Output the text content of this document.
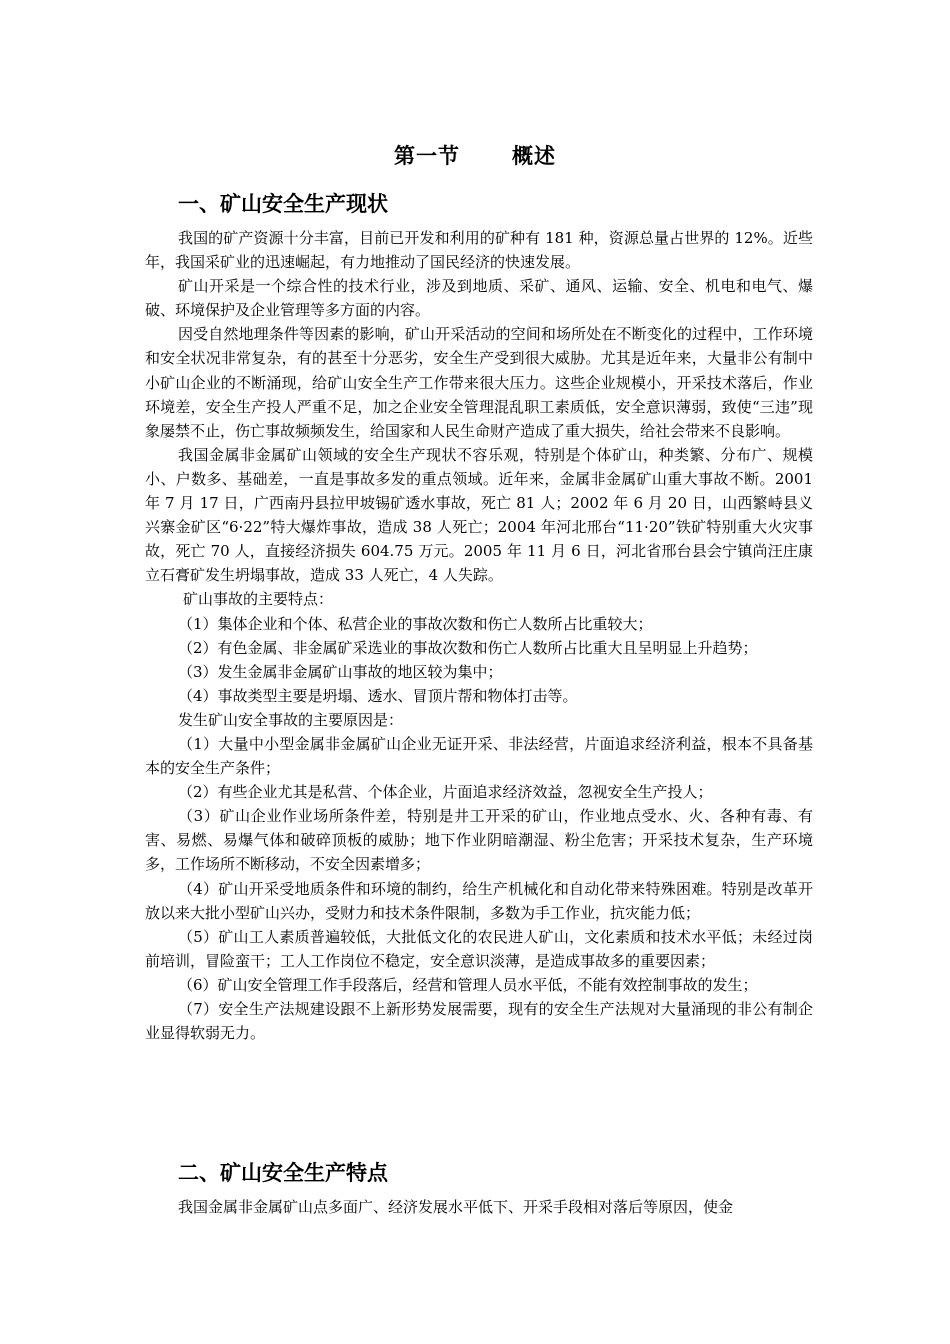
第一节 概述
一、矿山安全生产现状

我国的矿产资源十分丰富，目前已开发和利用的矿种有 181 种，资源总量占世界的 12%。近些年，我国采矿业的迅速崛起，有力地推动了国民经济的快速发展。

矿山开采是一个综合性的技术行业，涉及到地质、采矿、通风、运输、安全、机电和电气、爆破、环境保护及企业管理等多方面的内容。

因受自然地理条件等因素的影响，矿山开采活动的空间和场所处在不断变化的过程中，工作环境和安全状况非常复杂，有的甚至十分恶劣，安全生产受到很大威胁。尤其是近年来，大量非公有制中小矿山企业的不断涌现，给矿山安全生产工作带来很大压力。这些企业规模小，开采技术落后，作业环境差，安全生产投人严重不足，加之企业安全管理混乱职工素质低，安全意识薄弱，致使“三违”现象屡禁不止，伤亡事故频频发生，给国家和人民生命财产造成了重大损失，给社会带来不良影响。

我国金属非金属矿山领域的安全生产现状不容乐观，特别是个体矿山，种类繁、分布广、规模小、户数多、基础差，一直是事故多发的重点领域。近年来，金属非金属矿山重大事故不断。2001 年 7 月 17 日，广西南丹县拉甲坡锡矿透水事故，死亡 81 人；2002 年 6 月 20 日，山西繁峙县义兴寨金矿区“6·22”特大爆炸事故，造成 38 人死亡；2004 年河北邢台“11·20”铁矿特别重大火灾事故，死亡 70 人，直接经济损失 604.75 万元。2005 年 11 月 6 日，河北省邢台县会宁镇尚汪庄康立石膏矿发生坍塌事故，造成 33 人死亡，4 人失踪。

矿山事故的主要特点：

（1）集体企业和个体、私营企业的事故次数和伤亡人数所占比重较大；

（2）有色金属、非金属矿采选业的事故次数和伤亡人数所占比重大且呈明显上升趋势；

（3）发生金属非金属矿山事故的地区较为集中；

（4）事故类型主要是坍塌、透水、冒顶片帮和物体打击等。

发生矿山安全事故的主要原因是：

（1）大量中小型金属非金属矿山企业无证开采、非法经营，片面追求经济利益，根本不具备基本的安全生产条件；

（2）有些企业尤其是私营、个体企业，片面追求经济效益，忽视安全生产投人；

（3）矿山企业作业场所条件差，特别是井工开采的矿山，作业地点受水、火、各种有毒、有害、易燃、易爆气体和破碎顶板的威胁；地下作业阴暗潮湿、粉尘危害；开采技术复杂，生产环境多，工作场所不断移动，不安全因素增多；

（4）矿山开采受地质条件和环境的制约，给生产机械化和自动化带来特殊困难。特别是改革开放以来大批小型矿山兴办，受财力和技术条件限制，多数为手工作业，抗灾能力低；

（5）矿山工人素质普遍较低，大批低文化的农民进人矿山，文化素质和技术水平低；未经过岗前培训，冒险蛮干；工人工作岗位不稳定，安全意识淡薄，是造成事故多的重要因素；

（6）矿山安全管理工作手段落后，经营和管理人员水平低，不能有效控制事故的发生；

（7）安全生产法规建设跟不上新形势发展需要，现有的安全生产法规对大量涌现的非公有制企业显得软弱无力。

二、矿山安全生产特点

我国金属非金属矿山点多面广、经济发展水平低下、开采手段相对落后等原因，使金
